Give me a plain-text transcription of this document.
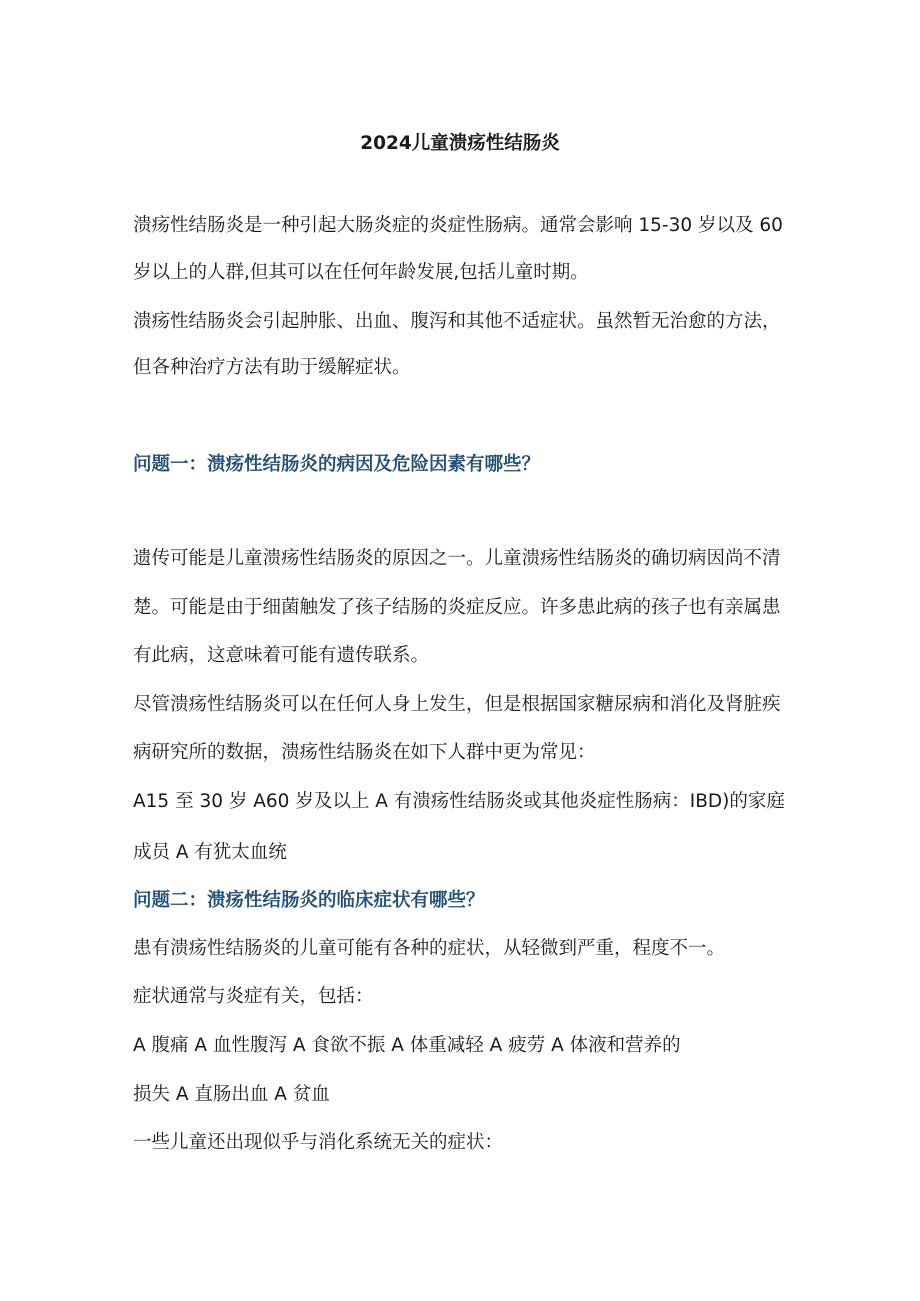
2024儿童溃疡性结肠炎
溃疡性结肠炎是一种引起大肠炎症的炎症性肠病。通常会影响 15-30 岁以及 60
岁以上的人群,但其可以在任何年龄发展,包括儿童时期。
溃疡性结肠炎会引起肿胀、出血、腹泻和其他不适症状。虽然暂无治愈的方法，
但各种治疗方法有助于缓解症状。
问题一：溃疡性结肠炎的病因及危险因素有哪些？
遗传可能是儿童溃疡性结肠炎的原因之一。儿童溃疡性结肠炎的确切病因尚不清
楚。可能是由于细菌触发了孩子结肠的炎症反应。许多患此病的孩子也有亲属患
有此病，这意味着可能有遗传联系。
尽管溃疡性结肠炎可以在任何人身上发生，但是根据国家糖尿病和消化及肾脏疾
病研究所的数据，溃疡性结肠炎在如下人群中更为常见：
A15 至 30 岁 A60 岁及以上 A 有溃疡性结肠炎或其他炎症性肠病：IBD)的家庭
成员 A 有犹太血统
问题二：溃疡性结肠炎的临床症状有哪些？
患有溃疡性结肠炎的儿童可能有各种的症状，从轻微到严重，程度不一。
症状通常与炎症有关，包括：
A 腹痛 A 血性腹泻 A 食欲不振 A 体重减轻 A 疲劳 A 体液和营养的
损失 A 直肠出血 A 贫血
一些儿童还出现似乎与消化系统无关的症状：
